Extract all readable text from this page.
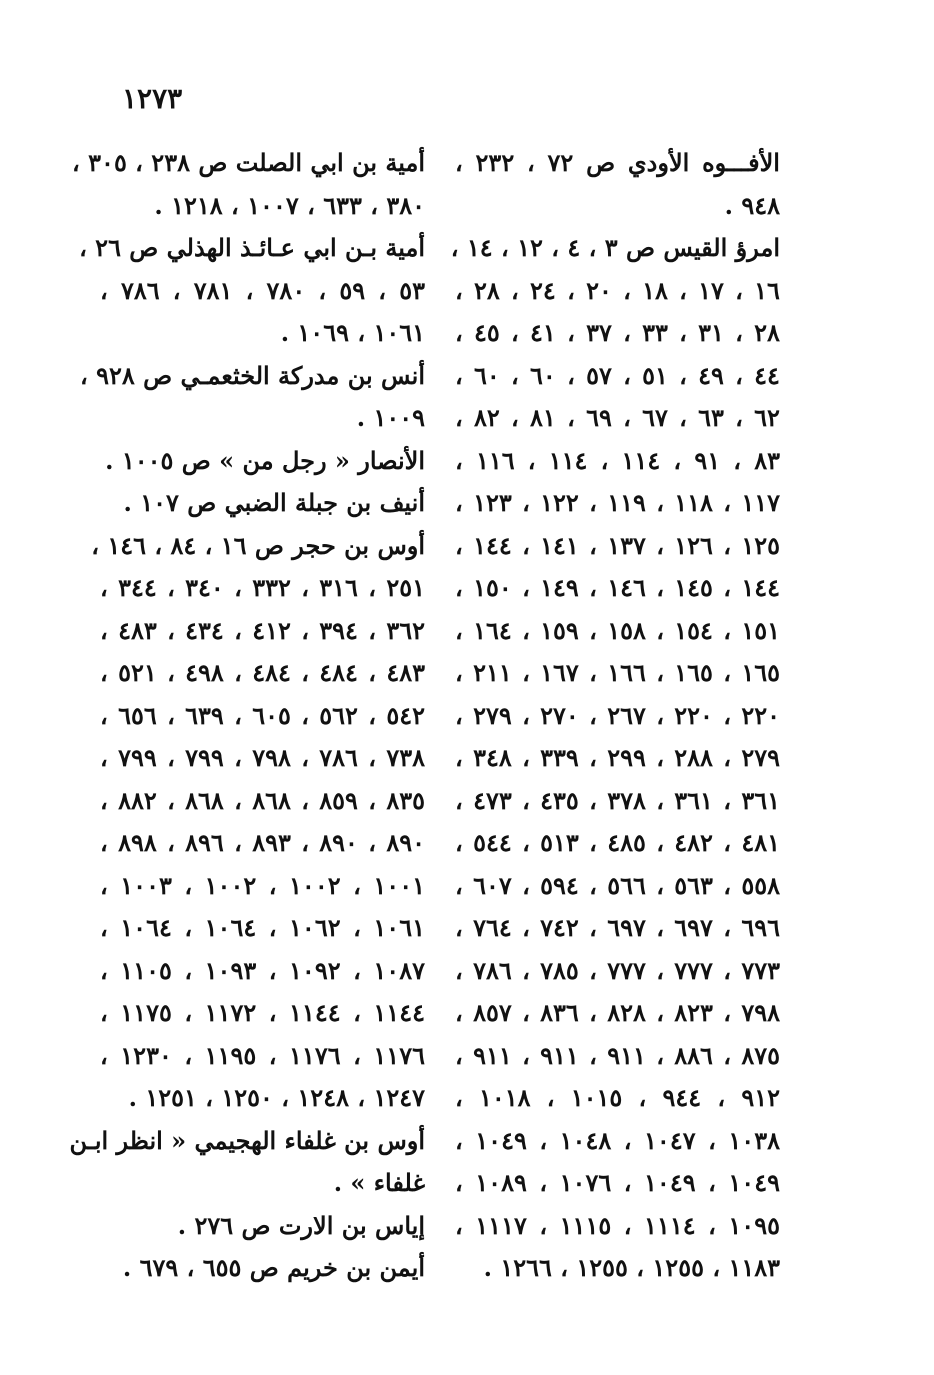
١٢٧٣
الأفـــوه الأودي ص ٧٢ ، ٢٣٢ ،
٩٤٨ .
امرؤ القيس ص ٣ ، ٤ ، ١٢ ، ١٤ ،
١٦ ، ١٧ ، ١٨ ، ٢٠ ، ٢٤ ، ٢٨ ،
٢٨ ، ٣١ ، ٣٣ ، ٣٧ ، ٤١ ، ٤٥ ،
٤٤ ، ٤٩ ، ٥١ ، ٥٧ ، ٦٠ ، ٦٠ ،
٦٢ ، ٦٣ ، ٦٧ ، ٦٩ ، ٨١ ، ٨٢ ،
٨٣ ، ٩١ ، ١١٤ ، ١١٤ ، ١١٦ ،
١١٧ ، ١١٨ ، ١١٩ ، ١٢٢ ، ١٢٣ ،
١٢٥ ، ١٢٦ ، ١٣٧ ، ١٤١ ، ١٤٤ ،
١٤٤ ، ١٤٥ ، ١٤٦ ، ١٤٩ ، ١٥٠ ،
١٥١ ، ١٥٤ ، ١٥٨ ، ١٥٩ ، ١٦٤ ،
١٦٥ ، ١٦٥ ، ١٦٦ ، ١٦٧ ، ٢١١ ،
٢٢٠ ، ٢٢٠ ، ٢٦٧ ، ٢٧٠ ، ٢٧٩ ،
٢٧٩ ، ٢٨٨ ، ٢٩٩ ، ٣٣٩ ، ٣٤٨ ،
٣٦١ ، ٣٦١ ، ٣٧٨ ، ٤٣٥ ، ٤٧٣ ،
٤٨١ ، ٤٨٢ ، ٤٨٥ ، ٥١٣ ، ٥٤٤ ،
٥٥٨ ، ٥٦٣ ، ٥٦٦ ، ٥٩٤ ، ٦٠٧ ،
٦٩٦ ، ٦٩٧ ، ٦٩٧ ، ٧٤٢ ، ٧٦٤ ،
٧٧٣ ، ٧٧٧ ، ٧٧٧ ، ٧٨٥ ، ٧٨٦ ،
٧٩٨ ، ٨٢٣ ، ٨٢٨ ، ٨٣٦ ، ٨٥٧ ،
٨٧٥ ، ٨٨٦ ، ٩١١ ، ٩١١ ، ٩١١ ،
٩١٢ ، ٩٤٤ ، ١٠١٥ ، ١٠١٨ ،
١٠٣٨ ، ١٠٤٧ ، ١٠٤٨ ، ١٠٤٩ ،
١٠٤٩ ، ١٠٤٩ ، ١٠٧٦ ، ١٠٨٩ ،
١٠٩٥ ، ١١١٤ ، ١١١٥ ، ١١١٧ ،
١١٨٣ ، ١٢٥٥ ، ١٢٥٥ ، ١٢٦٦ .
أمية بن ابي الصلت ص ٢٣٨ ، ٣٠٥ ،
٣٨٠ ، ٦٣٣ ، ١٠٠٧ ، ١٢١٨ .
أمية بـن ابي عـائـذ الهذلي ص ٢٦ ،
٥٣ ، ٥٩ ، ٧٨٠ ، ٧٨١ ، ٧٨٦ ،
١٠٦١ ، ١٠٦٩ .
أنس بن مدركة الخثعمـي ص ٩٢٨ ،
١٠٠٩ .
الأنصار « رجل من » ص ١٠٠٥ .
أنيف بن جبلة الضبي ص ١٠٧ .
أوس بن حجر ص ١٦ ، ٨٤ ، ١٤٦ ،
٢٥١ ، ٣١٦ ، ٣٣٢ ، ٣٤٠ ، ٣٤٤ ،
٣٦٢ ، ٣٩٤ ، ٤١٢ ، ٤٣٤ ، ٤٨٣ ،
٤٨٣ ، ٤٨٤ ، ٤٨٤ ، ٤٩٨ ، ٥٢١ ،
٥٤٢ ، ٥٦٢ ، ٦٠٥ ، ٦٣٩ ، ٦٥٦ ،
٧٣٨ ، ٧٨٦ ، ٧٩٨ ، ٧٩٩ ، ٧٩٩ ،
٨٣٥ ، ٨٥٩ ، ٨٦٨ ، ٨٦٨ ، ٨٨٢ ،
٨٩٠ ، ٨٩٠ ، ٨٩٣ ، ٨٩٦ ، ٨٩٨ ،
١٠٠١ ، ١٠٠٢ ، ١٠٠٢ ، ١٠٠٣ ،
١٠٦١ ، ١٠٦٢ ، ١٠٦٤ ، ١٠٦٤ ،
١٠٨٧ ، ١٠٩٢ ، ١٠٩٣ ، ١١٠٥ ،
١١٤٤ ، ١١٤٤ ، ١١٧٢ ، ١١٧٥ ،
١١٧٦ ، ١١٧٦ ، ١١٩٥ ، ١٢٣٠ ،
١٢٤٧ ، ١٢٤٨ ، ١٢٥٠ ، ١٢٥١ .
أوس بن غلفاء الهجيمي « انظر ابـن
غلفاء » .
إياس بن الارت ص ٢٧٦ .
أيمن بن خريم ص ٦٥٥ ، ٦٧٩ .
